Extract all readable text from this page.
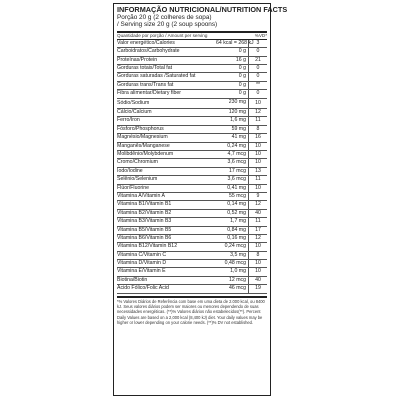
INFORMAÇÃO NUTRICIONAL/NUTRITION FACTS
Porção 20 g (2 colheres de sopa)
/ Serving size 20 g (2 soup spoons)
Quantidade por porção / Amount per serving	%VD*
Valor energético/Calories	64 kcal = 268 kJ 3
Carboidratos/Carbohydrate	0 g	0
Proteínas/Protein	16 g	21
Gorduras totais/Total fat	0 g	0
Gorduras saturadas /Saturated fat	0 g	0
Gorduras trans/Trans fat	0 g	**
Fibra alimentar/Dietary fiber	0 g	0
Sódio/Sodium	230 mg	10
Cálcio/Calcium	120 mg	12
Ferro/Iron	1,6 mg	11
Fósforo/Phosphorus	59 mg	8
Magnésio/Magnesium	41 mg	16
Manganês/Manganese	0,24 mg	10
Molibdênio/Molybdenum	4,7 mcg	10
Cromo/Chromium	3,6 mcg	10
Iodo/Iodine	17 mcg	13
Selênio/Selenium	3,6 mcg	11
Flúor/Fluorine	0,41 mg	10
Vitamina A/Vitamin A	55 mcg	9
Vitamina B1/Vitamin B1	0,14 mg	12
Vitamina B2/Vitamin B2	0,52 mg	40
Vitamina B3/Vitamin B3	1,7 mg	11
Vitamina B5/Vitamin B5	0,84 mg	17
Vitamina B6/Vitamin B6	0,16 mg	12
Vitamina B12/Vitamin B12	0,24 mcg	10
Vitamina C/Vitamin C	3,5 mg	8
Vitamina D/Vitamin D	0,48 mcg	10
Vitamina E/Vitamin E	1,0 mg	10
Biotina/Biotin	12 mcg	40
Ácido Fólico/Folic Acid	46 mcg	19
*% Valores Diários de Referência com base em uma dieta de 2.000 kcal, ou 8400 kJ. Seus valores diários podem ser maiores ou menores dependendo de suas necessidades energéticas. (**)% Valores diários não estabelecidos(**). Percent Daily Values are based on a 2,000 kcal (8,400 kJ) diet. Your daily values may be higher or lower depending on your calorie needs. (**)% DV not established.
